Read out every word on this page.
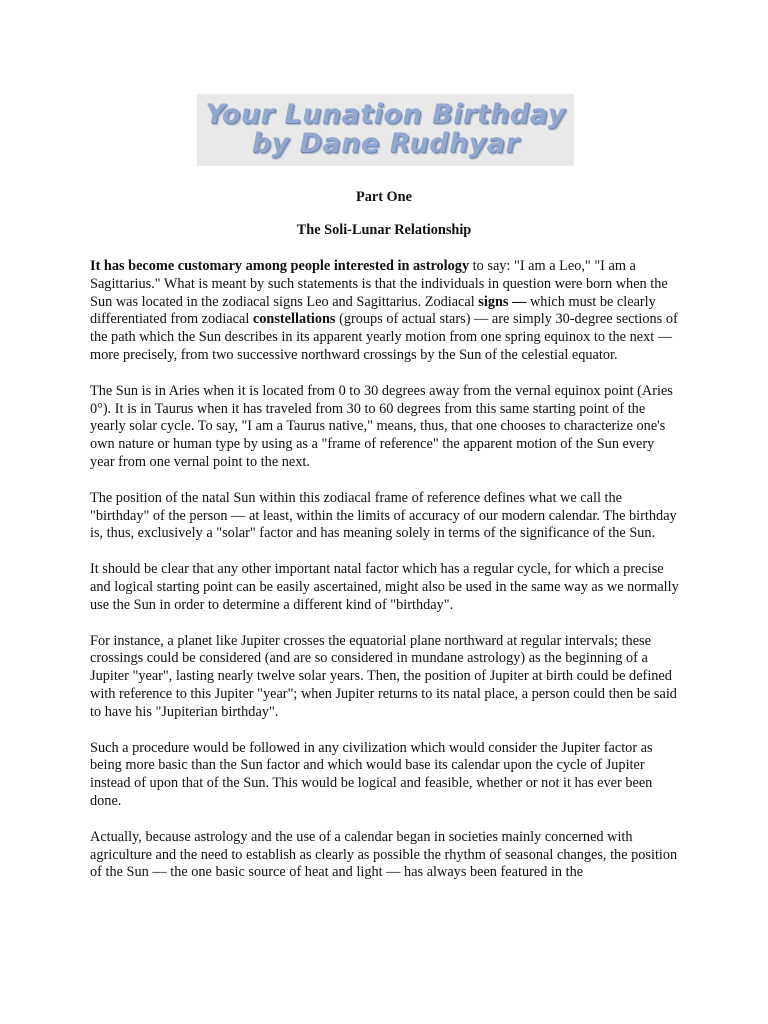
Your Lunation Birthday
by Dane Rudhyar
Part One
The Soli-Lunar Relationship

It has become customary among people interested in astrology to say: "I am a Leo," "I am a Sagittarius." What is meant by such statements is that the individuals in question were born when the Sun was located in the zodiacal signs Leo and Sagittarius. Zodiacal signs — which must be clearly differentiated from zodiacal constellations (groups of actual stars) — are simply 30-degree sections of the path which the Sun describes in its apparent yearly motion from one spring equinox to the next — more precisely, from two successive northward crossings by the Sun of the celestial equator.

The Sun is in Aries when it is located from 0 to 30 degrees away from the vernal equinox point (Aries 0°). It is in Taurus when it has traveled from 30 to 60 degrees from this same starting point of the yearly solar cycle. To say, "I am a Taurus native," means, thus, that one chooses to characterize one's own nature or human type by using as a "frame of reference" the apparent motion of the Sun every year from one vernal point to the next.

The position of the natal Sun within this zodiacal frame of reference defines what we call the "birthday" of the person — at least, within the limits of accuracy of our modern calendar. The birthday is, thus, exclusively a "solar" factor and has meaning solely in terms of the significance of the Sun.

It should be clear that any other important natal factor which has a regular cycle, for which a precise and logical starting point can be easily ascertained, might also be used in the same way as we normally use the Sun in order to determine a different kind of "birthday".

For instance, a planet like Jupiter crosses the equatorial plane northward at regular intervals; these crossings could be considered (and are so considered in mundane astrology) as the beginning of a Jupiter "year", lasting nearly twelve solar years. Then, the position of Jupiter at birth could be defined with reference to this Jupiter "year"; when Jupiter returns to its natal place, a person could then be said to have his "Jupiterian birthday".

Such a procedure would be followed in any civilization which would consider the Jupiter factor as being more basic than the Sun factor and which would base its calendar upon the cycle of Jupiter instead of upon that of the Sun. This would be logical and feasible, whether or not it has ever been done.

Actually, because astrology and the use of a calendar began in societies mainly concerned with agriculture and the need to establish as clearly as possible the rhythm of seasonal changes, the position of the Sun — the one basic source of heat and light — has always been featured in the
